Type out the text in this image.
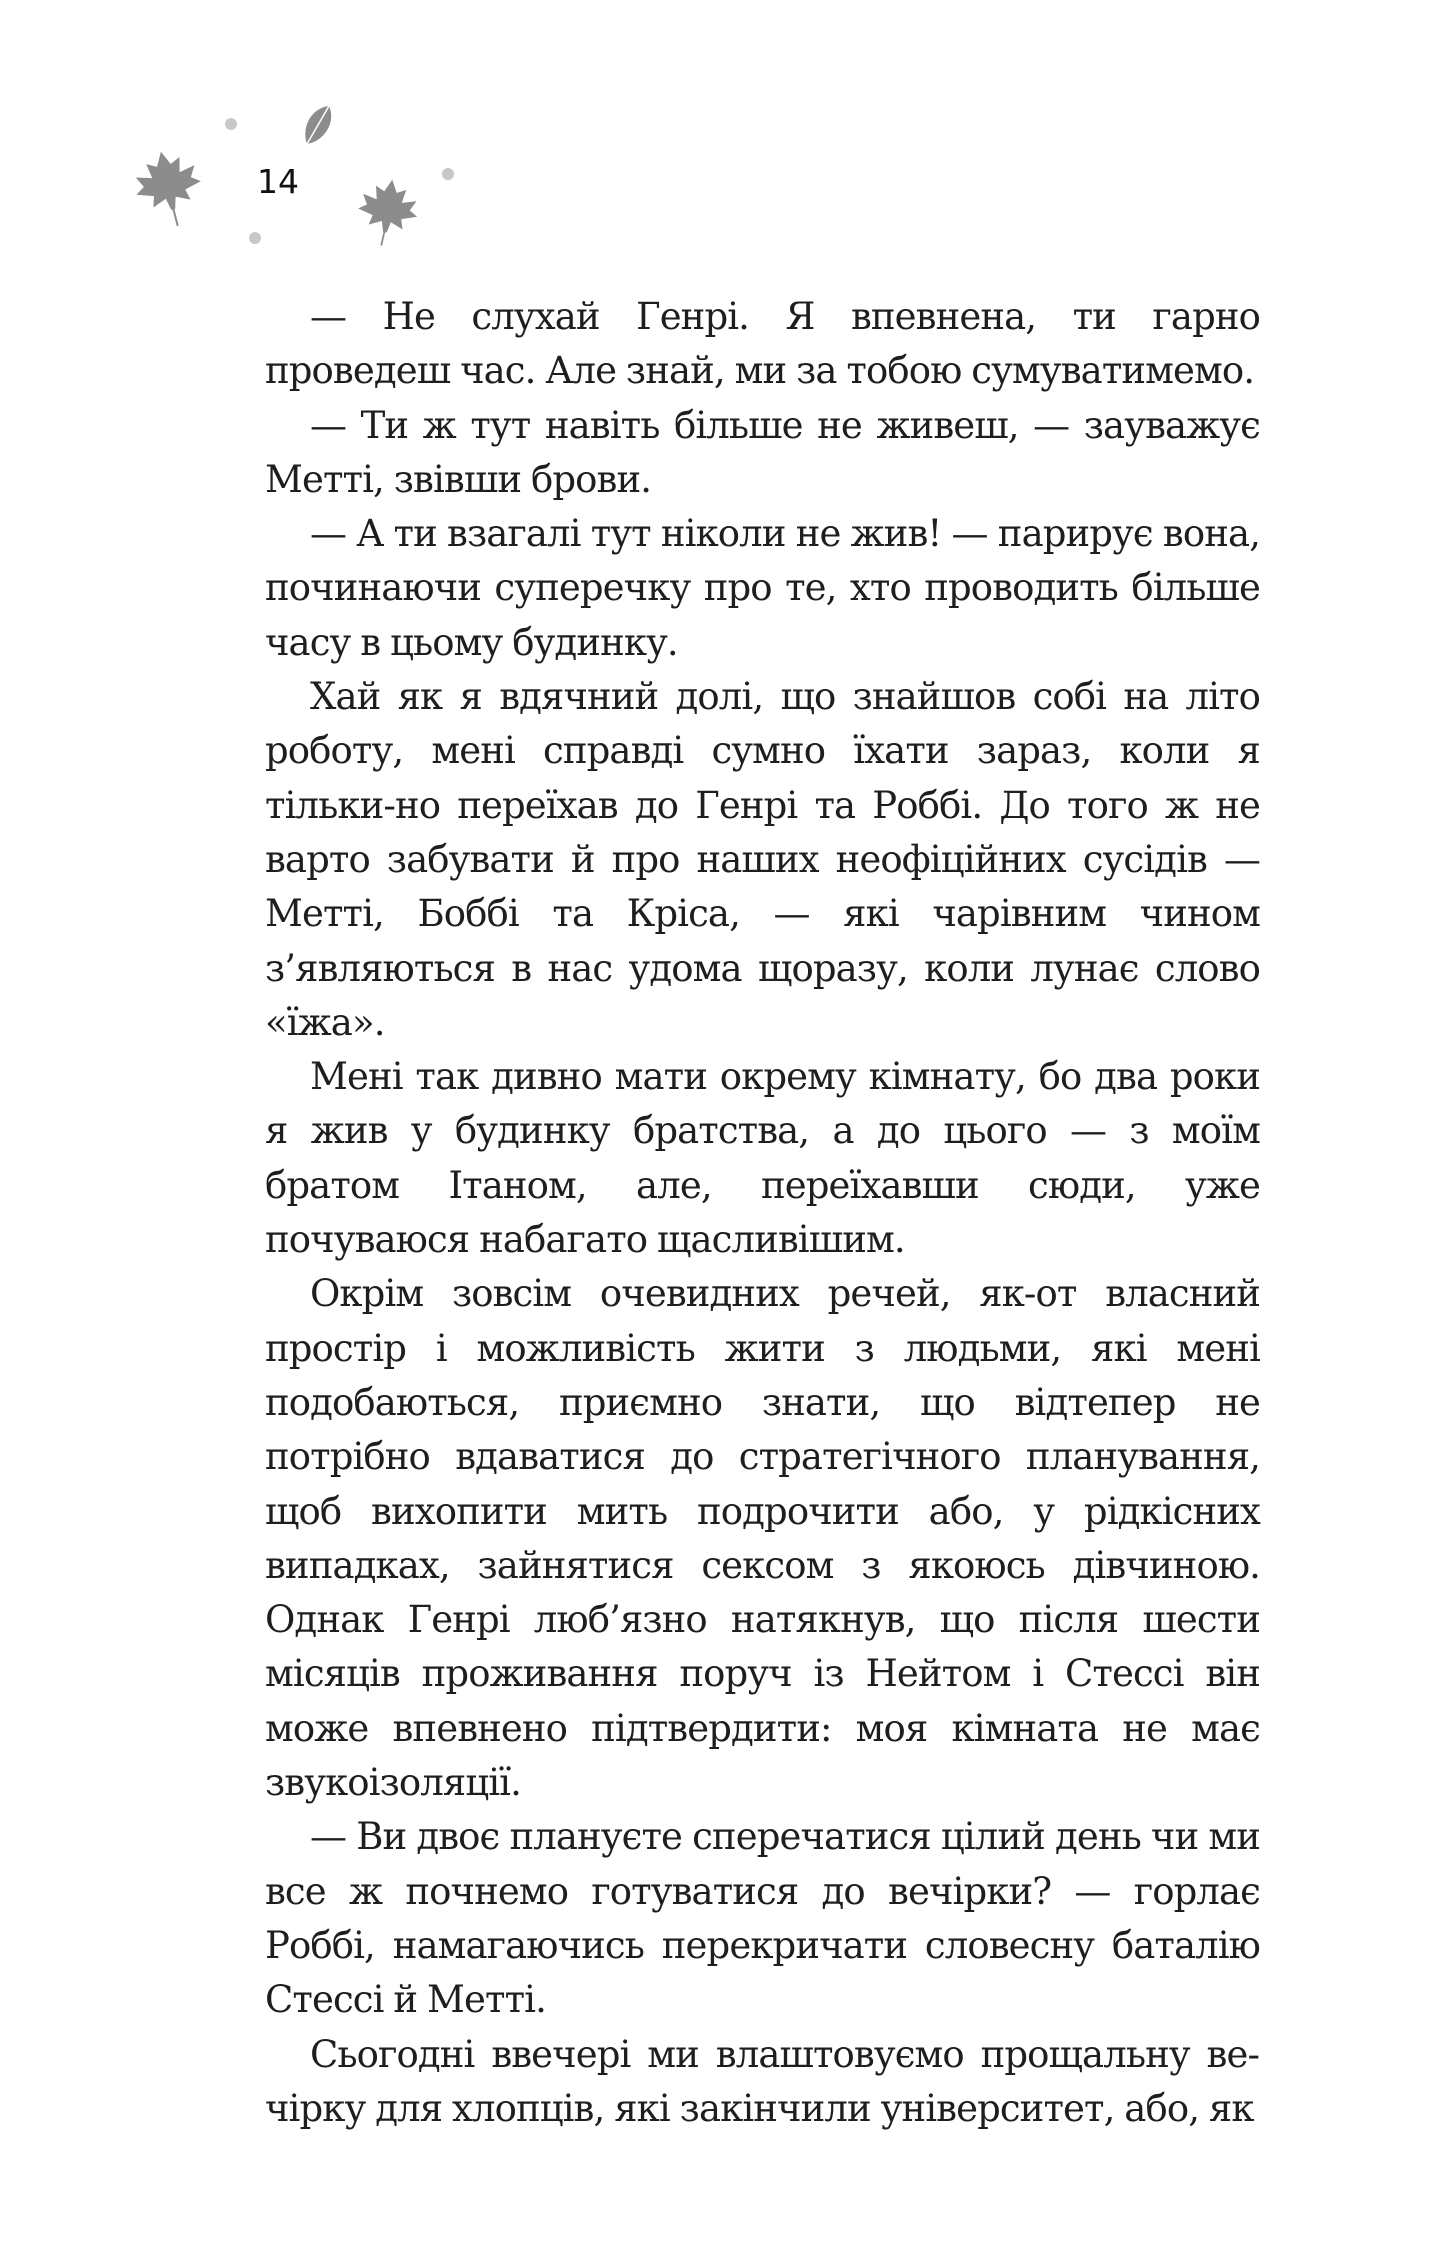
14

— Не слухай Генрі. Я впевнена, ти гарно проведеш час. Але знай, ми за тобою сумуватимемо.

— Ти ж тут навіть більше не живеш, — зауважує Метті, звівши брови.

— А ти взагалі тут ніколи не жив! — парирує вона, починаючи суперечку про те, хто проводить більше часу в цьому будинку.

Хай як я вдячний долі, що знайшов собі на літо роботу, мені справді сумно їхати зараз, коли я тільки-но переїхав до Генрі та Роббі. До того ж не варто забувати й про наших неофіційних сусідів — Метті, Боббі та Кріса, — які чарівним чином з’являються в нас удома щоразу, коли лунає слово «їжа».

Мені так дивно мати окрему кімнату, бо два роки я жив у будинку братства, а до цього — з моїм братом Ітаном, але, переїхавши сюди, уже почуваюся набагато щасливішим.

Окрім зовсім очевидних речей, як-от власний простір і можливість жити з людьми, які мені подобаються, приємно знати, що відтепер не потрібно вдаватися до стратегічного планування, щоб вихопити мить подрочити або, у рідкісних випадках, зайнятися сексом з якоюсь дівчиною. Однак Генрі люб’язно натякнув, що після шести місяців проживання поруч із Нейтом і Стессі він може впевнено підтвердити: моя кімната не має звукоізоляції.

— Ви двоє плануєте сперечатися цілий день чи ми все ж почнемо готуватися до вечірки? — горлає Роббі, намагаючись перекричати словесну баталію Стессі й Метті.

Сьогодні ввечері ми влаштовуємо прощальну вечірку для хлопців, які закінчили університет, або, як
